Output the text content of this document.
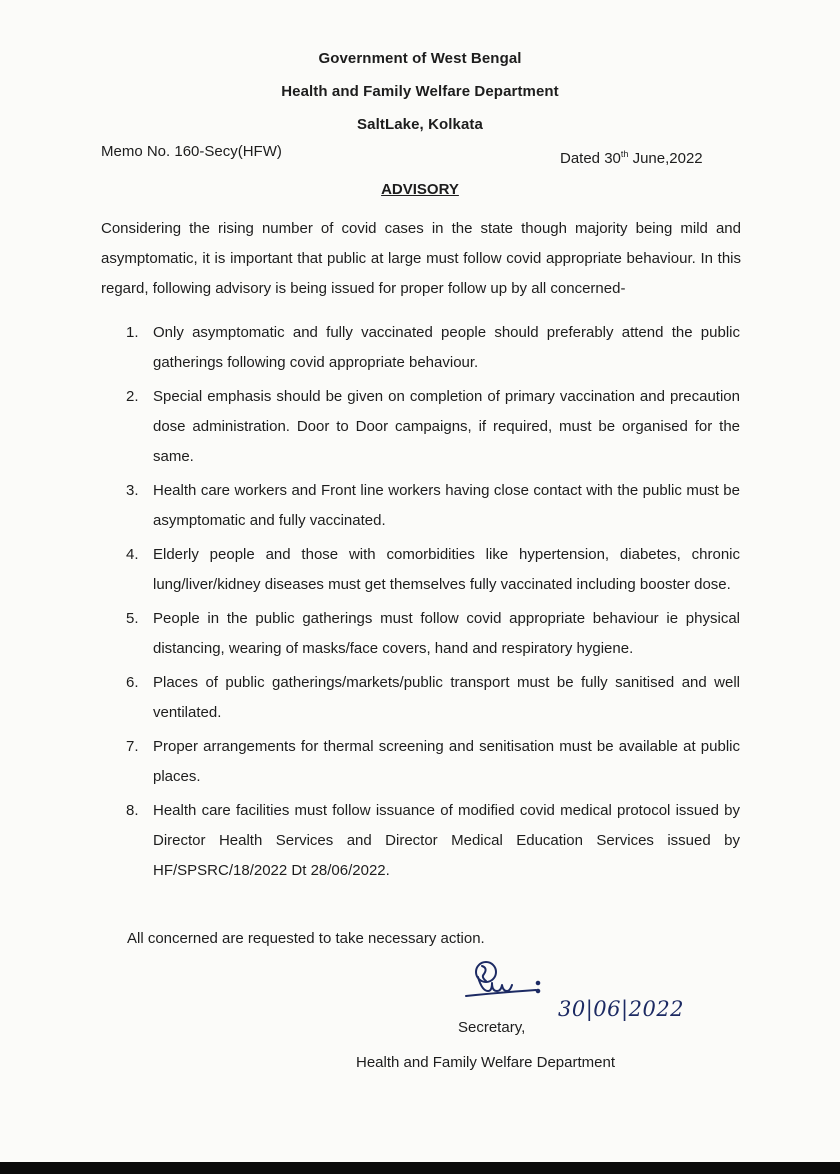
Government of West Bengal
Health and Family Welfare Department
SaltLake, Kolkata
Memo No. 160-Secy(HFW)	Dated 30th June,2022
ADVISORY
Considering the rising number of covid cases in the state though majority being mild and asymptomatic, it is important that public at large must follow covid appropriate behaviour. In this regard, following advisory is being issued for proper follow up by all concerned-
1. Only asymptomatic and fully vaccinated people should preferably attend the public gatherings following covid appropriate behaviour.
2. Special emphasis should be given on completion of primary vaccination and precaution dose administration. Door to Door campaigns, if required, must be organised for the same.
3. Health care workers and Front line workers having close contact with the public must be asymptomatic and fully vaccinated.
4. Elderly people and those with comorbidities like hypertension, diabetes, chronic lung/liver/kidney diseases must get themselves fully vaccinated including booster dose.
5. People in the public gatherings must follow covid appropriate behaviour ie physical distancing, wearing of masks/face covers, hand and respiratory hygiene.
6. Places of public gatherings/markets/public transport must be fully sanitised and well ventilated.
7. Proper arrangements for thermal screening and senitisation must be available at public places.
8. Health care facilities must follow issuance of modified covid medical protocol issued by Director Health Services and Director Medical Education Services issued by HF/SPSRC/18/2022 Dt 28/06/2022.
All concerned are requested to take necessary action.
30|06|2022
Secretary,
Health and Family Welfare Department
